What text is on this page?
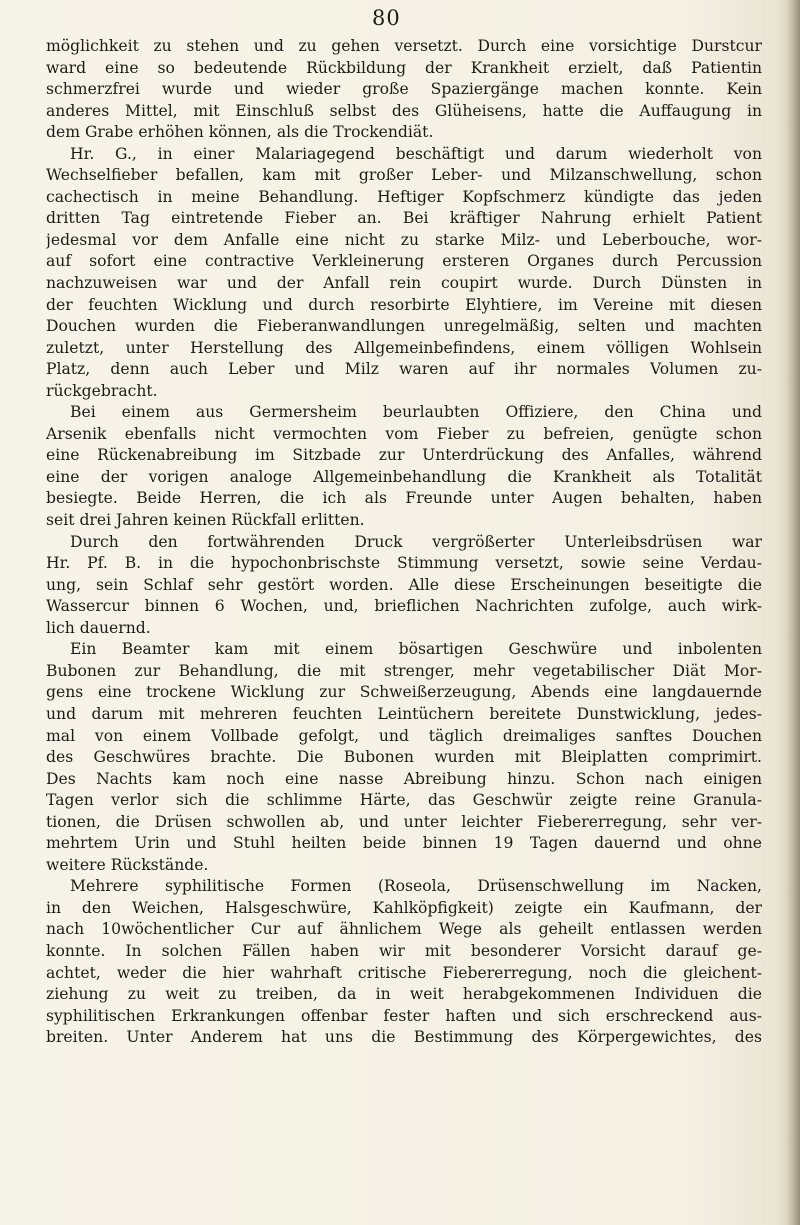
80
möglichkeit zu stehen und zu gehen versetzt. Durch eine vorsichtige Durstcur
ward eine so bedeutende Rückbildung der Krankheit erzielt, daß Patientin
schmerzfrei wurde und wieder große Spaziergänge machen konnte. Kein
anderes Mittel, mit Einschluß selbst des Glüheisens, hatte die Auffaugung in
dem Grabe erhöhen können, als die Trockendiät.
Hr. G., in einer Malariagegend beschäftigt und darum wiederholt von
Wechselfieber befallen, kam mit großer Leber- und Milzanschwellung, schon
cachectisch in meine Behandlung. Heftiger Kopfschmerz kündigte das jeden
dritten Tag eintretende Fieber an. Bei kräftiger Nahrung erhielt Patient
jedesmal vor dem Anfalle eine nicht zu starke Milz- und Leberbouche, wor-
auf sofort eine contractive Verkleinerung ersteren Organes durch Percussion
nachzuweisen war und der Anfall rein coupirt wurde. Durch Dünsten in
der feuchten Wicklung und durch resorbirte Elyhtiere, im Vereine mit diesen
Douchen wurden die Fieberanwandlungen unregelmäßig, selten und machten
zuletzt, unter Herstellung des Allgemeinbefindens, einem völligen Wohlsein
Platz, denn auch Leber und Milz waren auf ihr normales Volumen zu-
rückgebracht.
Bei einem aus Germersheim beurlaubten Offiziere, den China und
Arsenik ebenfalls nicht vermochten vom Fieber zu befreien, genügte schon
eine Rückenabreibung im Sitzbade zur Unterdrückung des Anfalles, während
eine der vorigen analoge Allgemeinbehandlung die Krankheit als Totalität
besiegte. Beide Herren, die ich als Freunde unter Augen behalten, haben
seit drei Jahren keinen Rückfall erlitten.
Durch den fortwährenden Druck vergrößerter Unterleibsdrüsen war
Hr. Pf. B. in die hypochonbrischste Stimmung versetzt, sowie seine Verdau-
ung, sein Schlaf sehr gestört worden. Alle diese Erscheinungen beseitigte die
Wassercur binnen 6 Wochen, und, brieflichen Nachrichten zufolge, auch wirk-
lich dauernd.
Ein Beamter kam mit einem bösartigen Geschwüre und inbolenten
Bubonen zur Behandlung, die mit strenger, mehr vegetabilischer Diät Mor-
gens eine trockene Wicklung zur Schweißerzeugung, Abends eine langdauernde
und darum mit mehreren feuchten Leintüchern bereitete Dunstwicklung, jedes-
mal von einem Vollbade gefolgt, und täglich dreimaliges sanftes Douchen
des Geschwüres brachte. Die Bubonen wurden mit Bleiplatten comprimirt.
Des Nachts kam noch eine nasse Abreibung hinzu. Schon nach einigen
Tagen verlor sich die schlimme Härte, das Geschwür zeigte reine Granula-
tionen, die Drüsen schwollen ab, und unter leichter Fiebererregung, sehr ver-
mehrtem Urin und Stuhl heilten beide binnen 19 Tagen dauernd und ohne
weitere Rückstände.
Mehrere syphilitische Formen (Roseola, Drüsenschwellung im Nacken,
in den Weichen, Halsgeschwüre, Kahlköpfigkeit) zeigte ein Kaufmann, der
nach 10wöchentlicher Cur auf ähnlichem Wege als geheilt entlassen werden
konnte. In solchen Fällen haben wir mit besonderer Vorsicht darauf ge-
achtet, weder die hier wahrhaft critische Fiebererregung, noch die gleichent-
ziehung zu weit zu treiben, da in weit herabgekommenen Individuen die
syphilitischen Erkrankungen offenbar fester haften und sich erschreckend aus-
breiten. Unter Anderem hat uns die Bestimmung des Körpergewichtes, des
